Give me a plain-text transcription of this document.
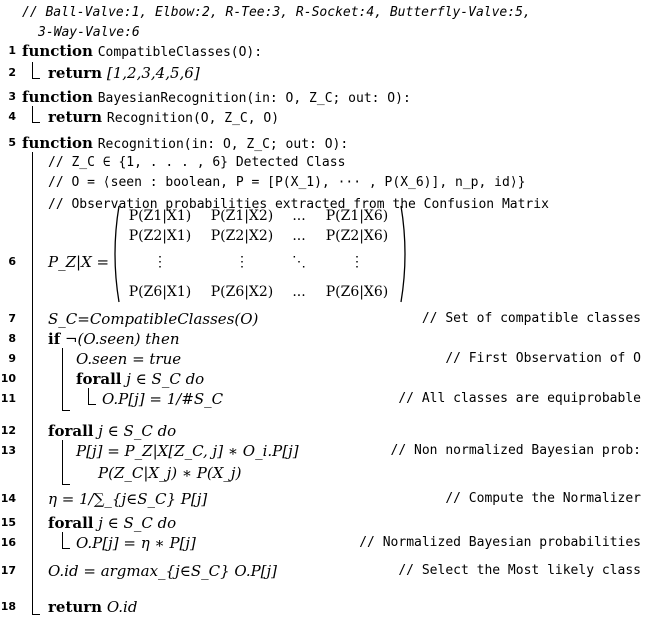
// Ball-Valve:1, Elbow:2, R-Tee:3, R-Socket:4, Butterfly-Valve:5,
3-Way-Valve:6
1 function CompatibleClasses(O):
2 return [1,2,3,4,5,6]
3 function BayesianRecognition(in: O, Z_C; out: O):
4 return Recognition(O, Z_C, O)
5 function Recognition(in: O, Z_C; out: O):
// Z_C ∈ {1, . . . , 6} Detected Class
// O = ⟨seen : boolean, P = [P(X_1), ··· , P(X_6)], n_p, id⟩}
// Observation probabilities extracted from the Confusion Matrix
6 P_Z|X =
P(Z1|X1)	P(Z1|X2)	...	P(Z1|X6)
P(Z2|X1)	P(Z2|X2)	...	P(Z2|X6)
⋮	⋮	⋱	⋮
P(Z6|X1)	P(Z6|X2)	...	P(Z6|X6)
7 S_C=CompatibleClasses(O)	// Set of compatible classes
8 if ¬(O.seen) then
9	O.seen = true	// First Observation of O
10	forall j ∈ S_C do
11	O.P[j] = 1/#S_C	// All classes are equiprobable
12 forall j ∈ S_C do
13	P[j] = P_Z|X[Z_C, j] ∗ O_i.P[j]	// Non normalized Bayesian prob:
P(Z_C|X_j) ∗ P(X_j)
14 η = 1/∑_{j∈S_C} P[j]	// Compute the Normalizer
15 forall j ∈ S_C do
16	O.P[j] = η ∗ P[j]	// Normalized Bayesian probabilities
17 O.id = argmax_{j∈S_C} O.P[j]	// Select the Most likely class
18 return O.id
